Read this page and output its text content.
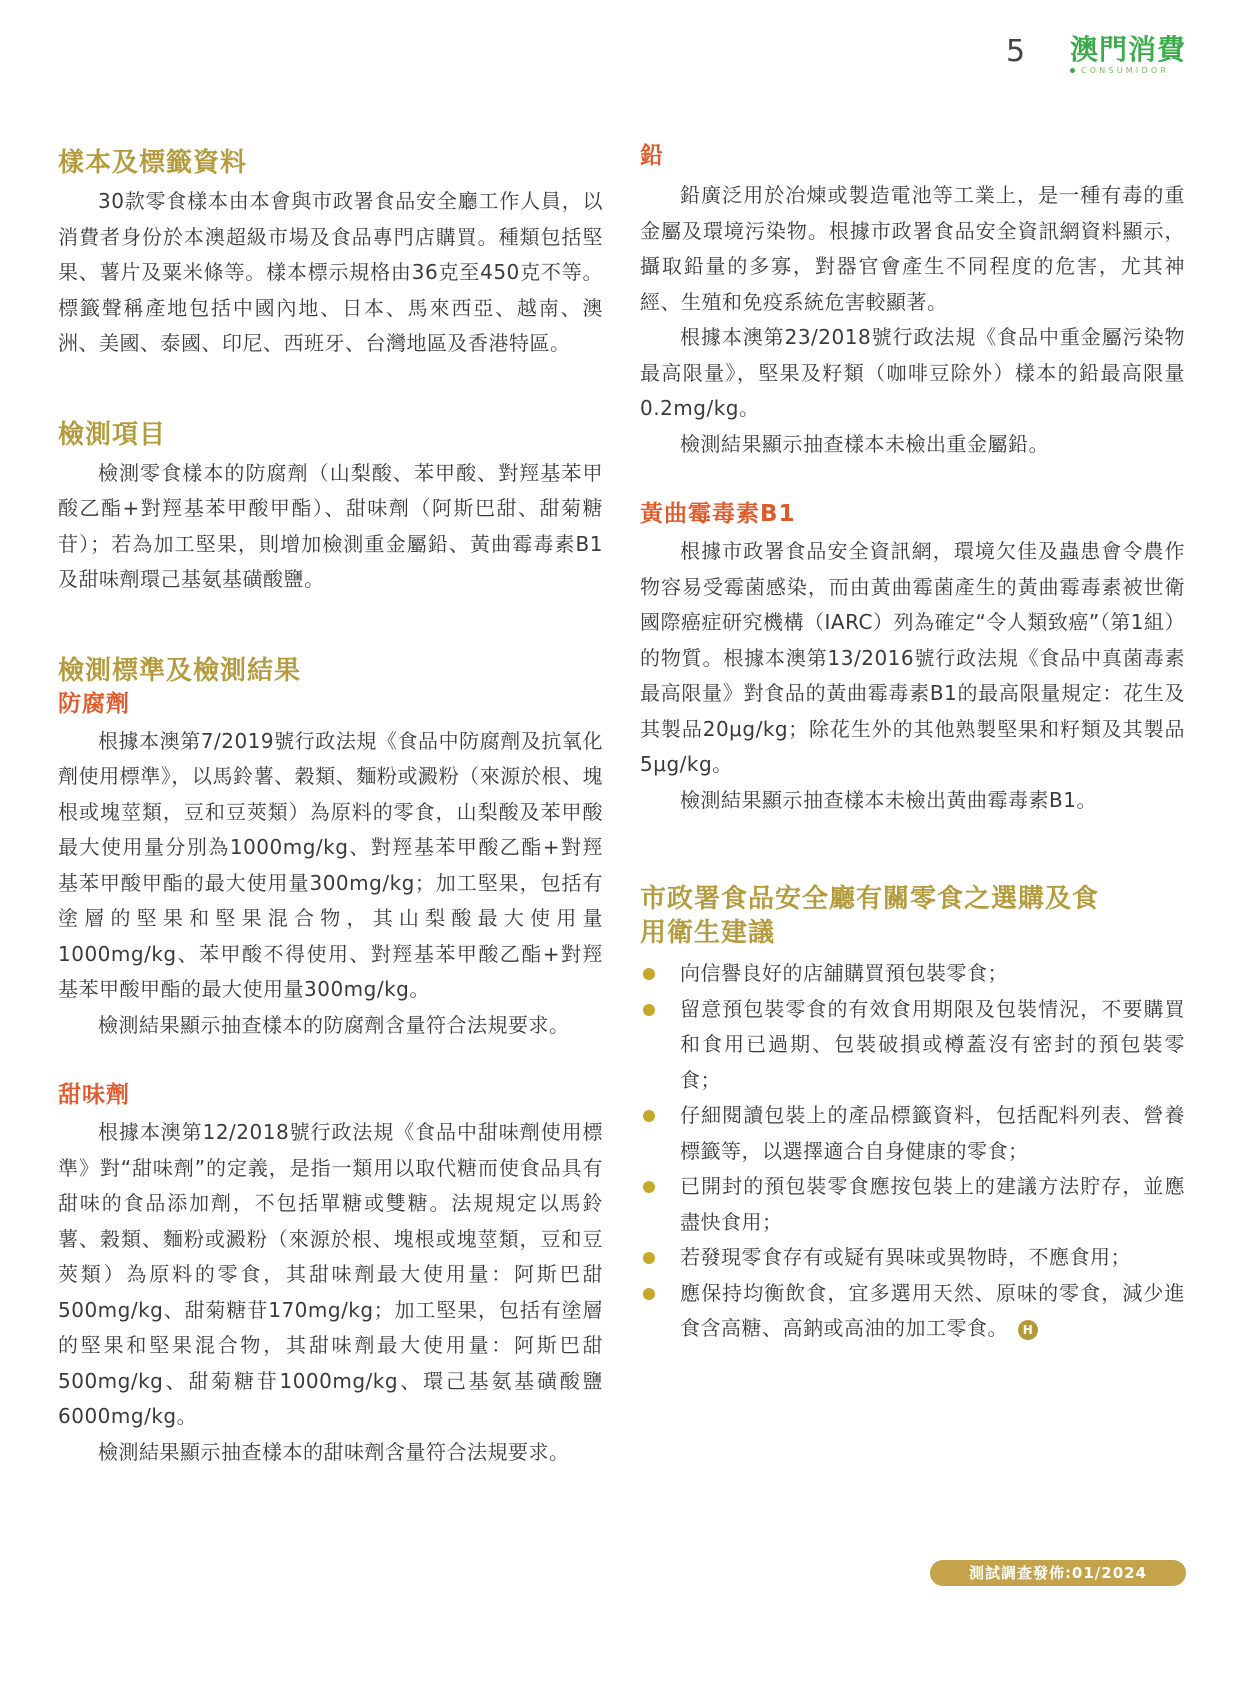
5 澳門消費
CONSUMIDOR
樣本及標籤資料

30款零食樣本由本會與市政署食品安全廳工作人員，以消費者身份於本澳超級市場及食品專門店購買。種類包括堅果、薯片及粟米條等。樣本標示規格由36克至450克不等。標籤聲稱產地包括中國內地、日本、馬來西亞、越南、澳洲、美國、泰國、印尼、西班牙、台灣地區及香港特區。

檢測項目

檢測零食樣本的防腐劑（山梨酸、苯甲酸、對羥基苯甲酸乙酯+對羥基苯甲酸甲酯）、甜味劑（阿斯巴甜、甜菊糖苷）；若為加工堅果，則增加檢測重金屬鉛、黃曲霉毒素B1及甜味劑環己基氨基磺酸鹽。

檢測標準及檢測結果
防腐劑

根據本澳第7/2019號行政法規《食品中防腐劑及抗氧化劑使用標準》，以馬鈴薯、穀類、麵粉或澱粉（來源於根、塊根或塊莖類，豆和豆莢類）為原料的零食，山梨酸及苯甲酸最大使用量分別為1000mg/kg、對羥基苯甲酸乙酯+對羥基苯甲酸甲酯的最大使用量300mg/kg；加工堅果，包括有塗層的堅果和堅果混合物，其山梨酸最大使用量1000mg/kg、苯甲酸不得使用、對羥基苯甲酸乙酯+對羥基苯甲酸甲酯的最大使用量300mg/kg。

檢測結果顯示抽查樣本的防腐劑含量符合法規要求。

甜味劑

根據本澳第12/2018號行政法規《食品中甜味劑使用標準》對“甜味劑”的定義，是指一類用以取代糖而使食品具有甜味的食品添加劑，不包括單糖或雙糖。法規規定以馬鈴薯、穀類、麵粉或澱粉（來源於根、塊根或塊莖類，豆和豆莢類）為原料的零食，其甜味劑最大使用量：阿斯巴甜500mg/kg、甜菊糖苷170mg/kg；加工堅果，包括有塗層的堅果和堅果混合物，其甜味劑最大使用量：阿斯巴甜500mg/kg、甜菊糖苷1000mg/kg、環己基氨基磺酸鹽6000mg/kg。

檢測結果顯示抽查樣本的甜味劑含量符合法規要求。

鉛

鉛廣泛用於冶煉或製造電池等工業上，是一種有毒的重金屬及環境污染物。根據市政署食品安全資訊網資料顯示，攝取鉛量的多寡，對器官會產生不同程度的危害，尤其神經、生殖和免疫系統危害較顯著。

根據本澳第23/2018號行政法規《食品中重金屬污染物最高限量》，堅果及籽類（咖啡豆除外）樣本的鉛最高限量0.2mg/kg。

檢測結果顯示抽查樣本未檢出重金屬鉛。

黃曲霉毒素B1

根據市政署食品安全資訊網，環境欠佳及蟲患會令農作物容易受霉菌感染，而由黃曲霉菌產生的黃曲霉毒素被世衛國際癌症研究機構（IARC）列為確定“令人類致癌”（第1組）的物質。根據本澳第13/2016號行政法規《食品中真菌毒素最高限量》對食品的黃曲霉毒素B1的最高限量規定：花生及其製品20μg/kg；除花生外的其他熟製堅果和籽類及其製品5μg/kg。

檢測結果顯示抽查樣本未檢出黃曲霉毒素B1。

市政署食品安全廳有關零食之選購及食用衛生建議
向信譽良好的店舖購買預包裝零食；
留意預包裝零食的有效食用期限及包裝情況，不要購買和食用已過期、包裝破損或樽蓋沒有密封的預包裝零食；
仔細閱讀包裝上的產品標籤資料，包括配料列表、營養標籤等，以選擇適合自身健康的零食；
已開封的預包裝零食應按包裝上的建議方法貯存，並應盡快食用；
若發現零食存有或疑有異味或異物時，不應食用；
應保持均衡飲食，宜多選用天然、原味的零食，減少進食含高糖、高鈉或高油的加工零食。 H
測試調查發佈:01/2024
